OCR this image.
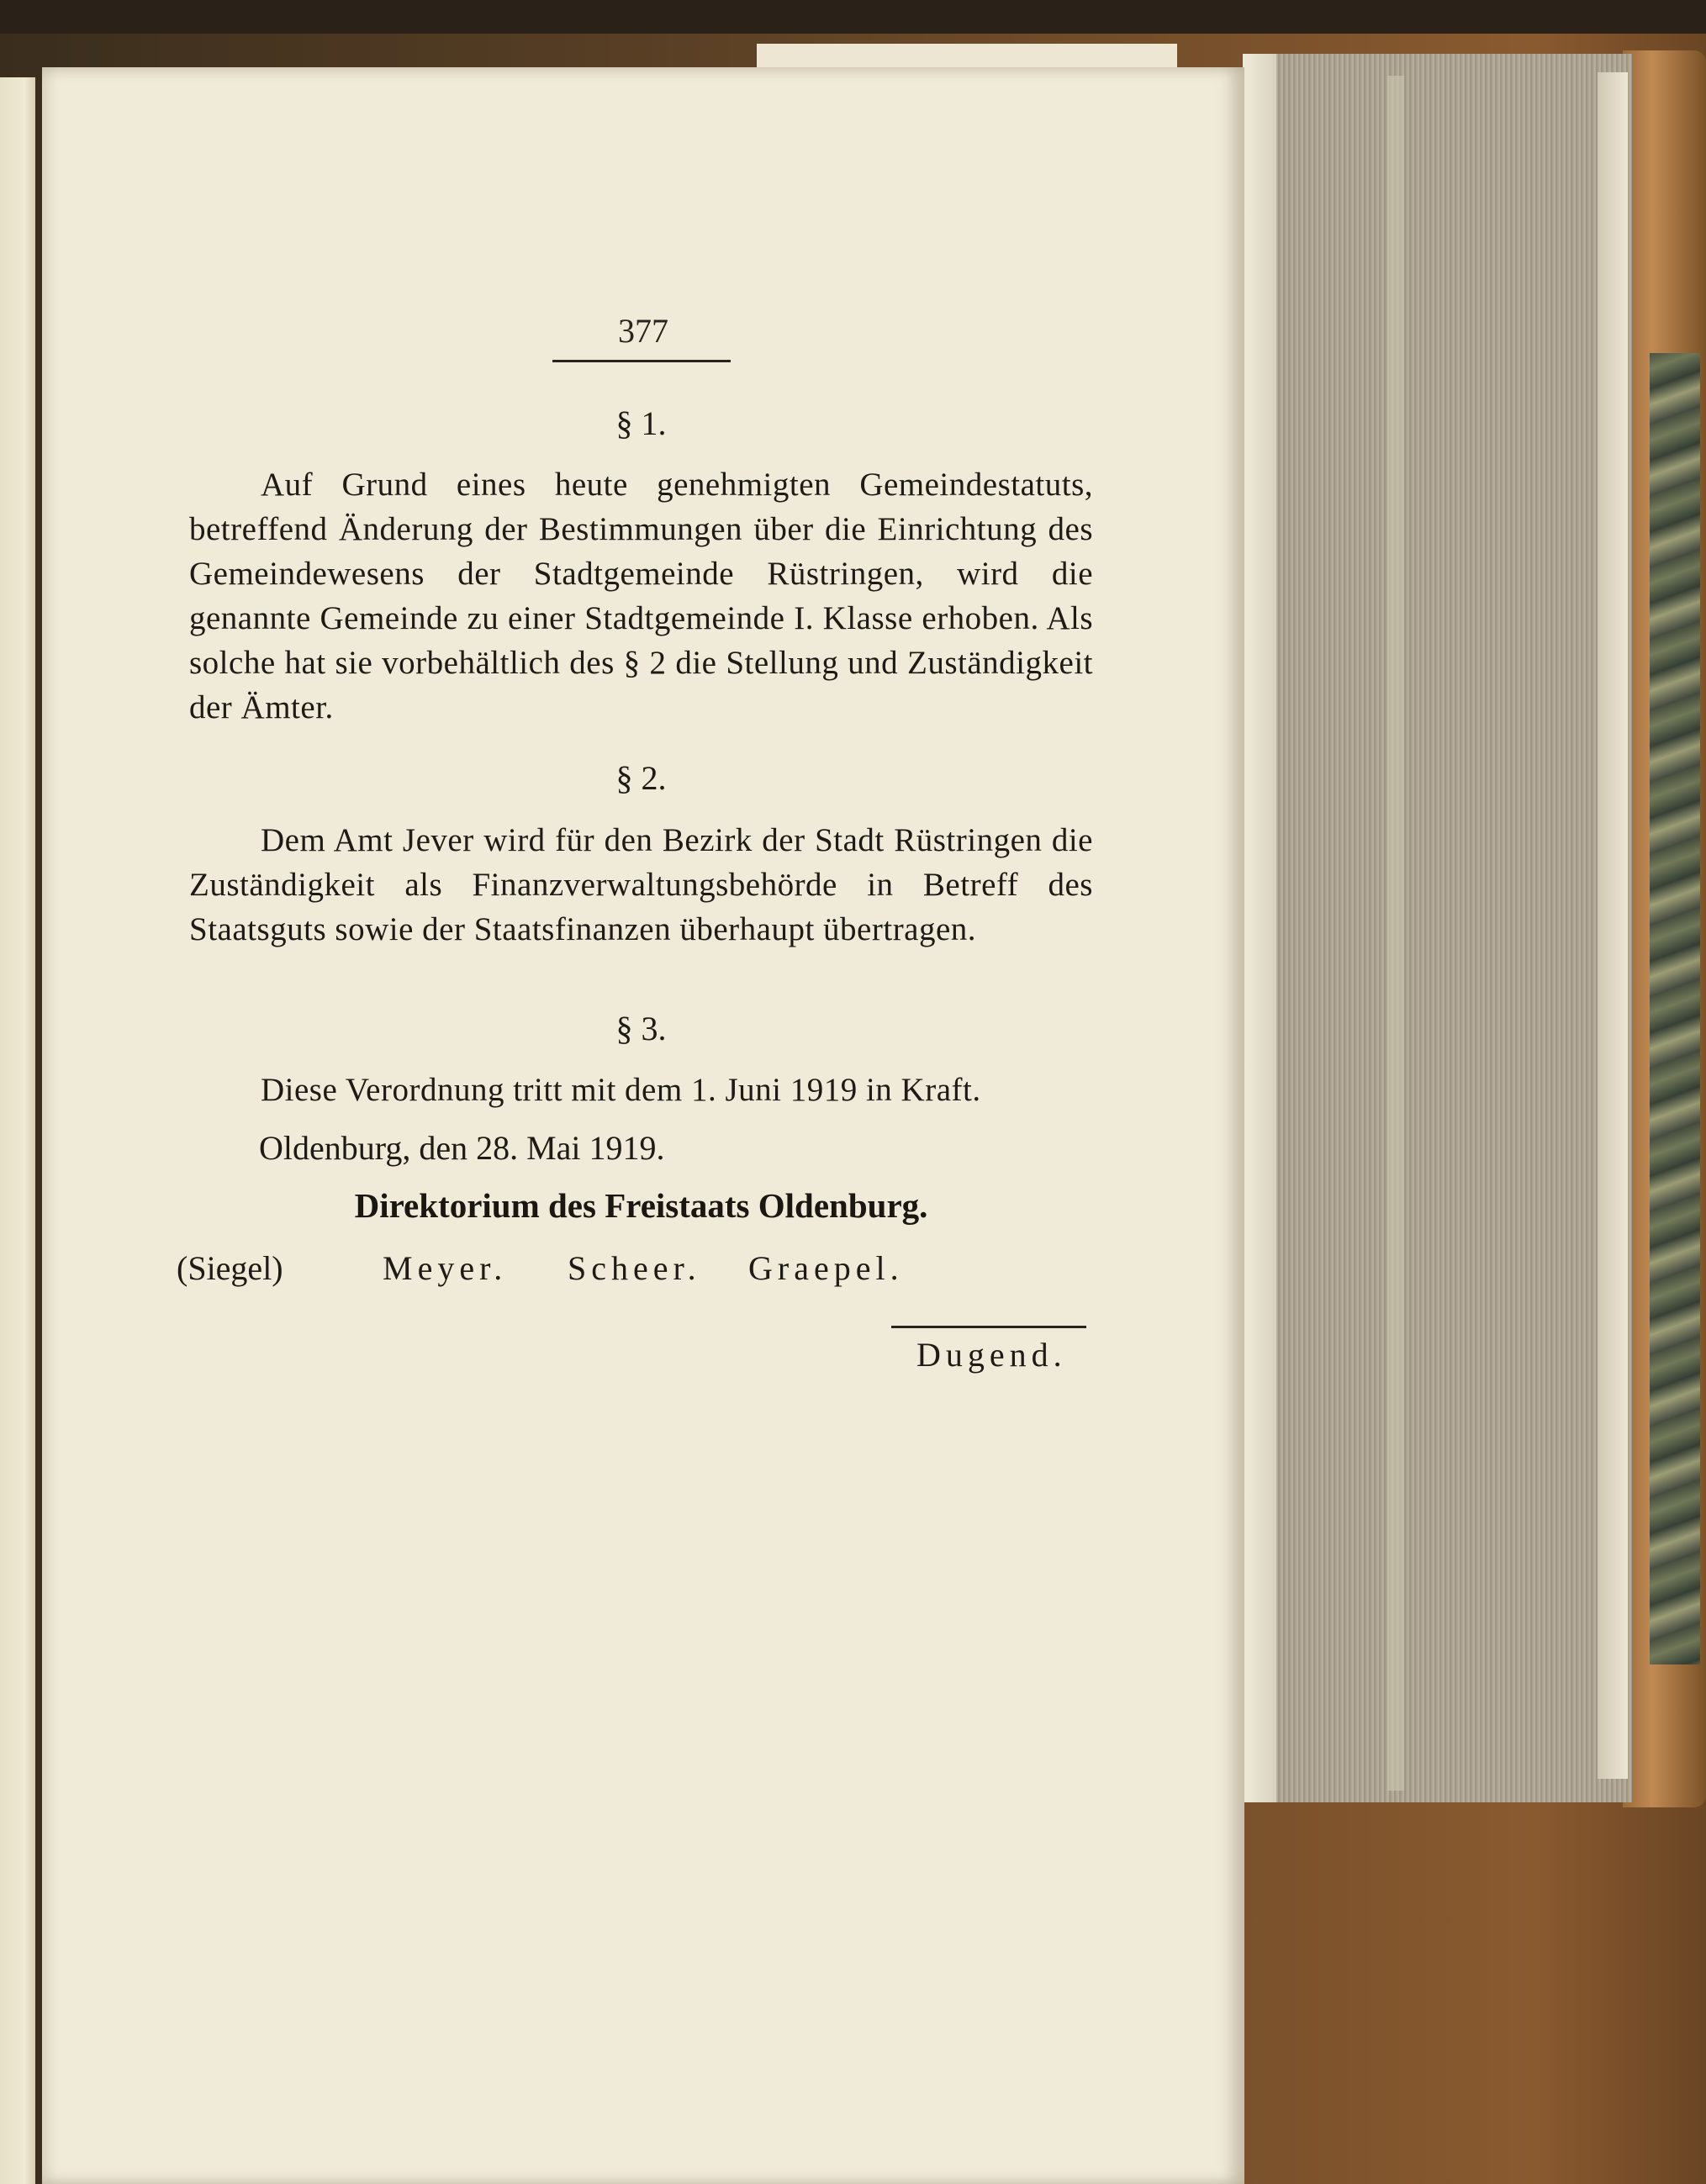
377
§ 1.
Auf Grund eines heute genehmigten Gemeindestatuts, betreffend Änderung der Bestimmungen über die Einrichtung des Gemeindewesens der Stadtgemeinde Rüstringen, wird die genannte Gemeinde zu einer Stadtgemeinde I. Klasse erhoben. Als solche hat sie vorbehältlich des § 2 die Stellung und Zuständigkeit der Ämter.
§ 2.
Dem Amt Jever wird für den Bezirk der Stadt Rüstringen die Zuständigkeit als Finanzverwaltungsbehörde in Betreff des Staatsguts sowie der Staatsfinanzen überhaupt übertragen.
§ 3.
Diese Verordnung tritt mit dem 1. Juni 1919 in Kraft.
Oldenburg, den 28. Mai 1919.
Direktorium des Freistaats Oldenburg.
(Siegel)	Meyer. Scheer. Graepel.
Dugend.
